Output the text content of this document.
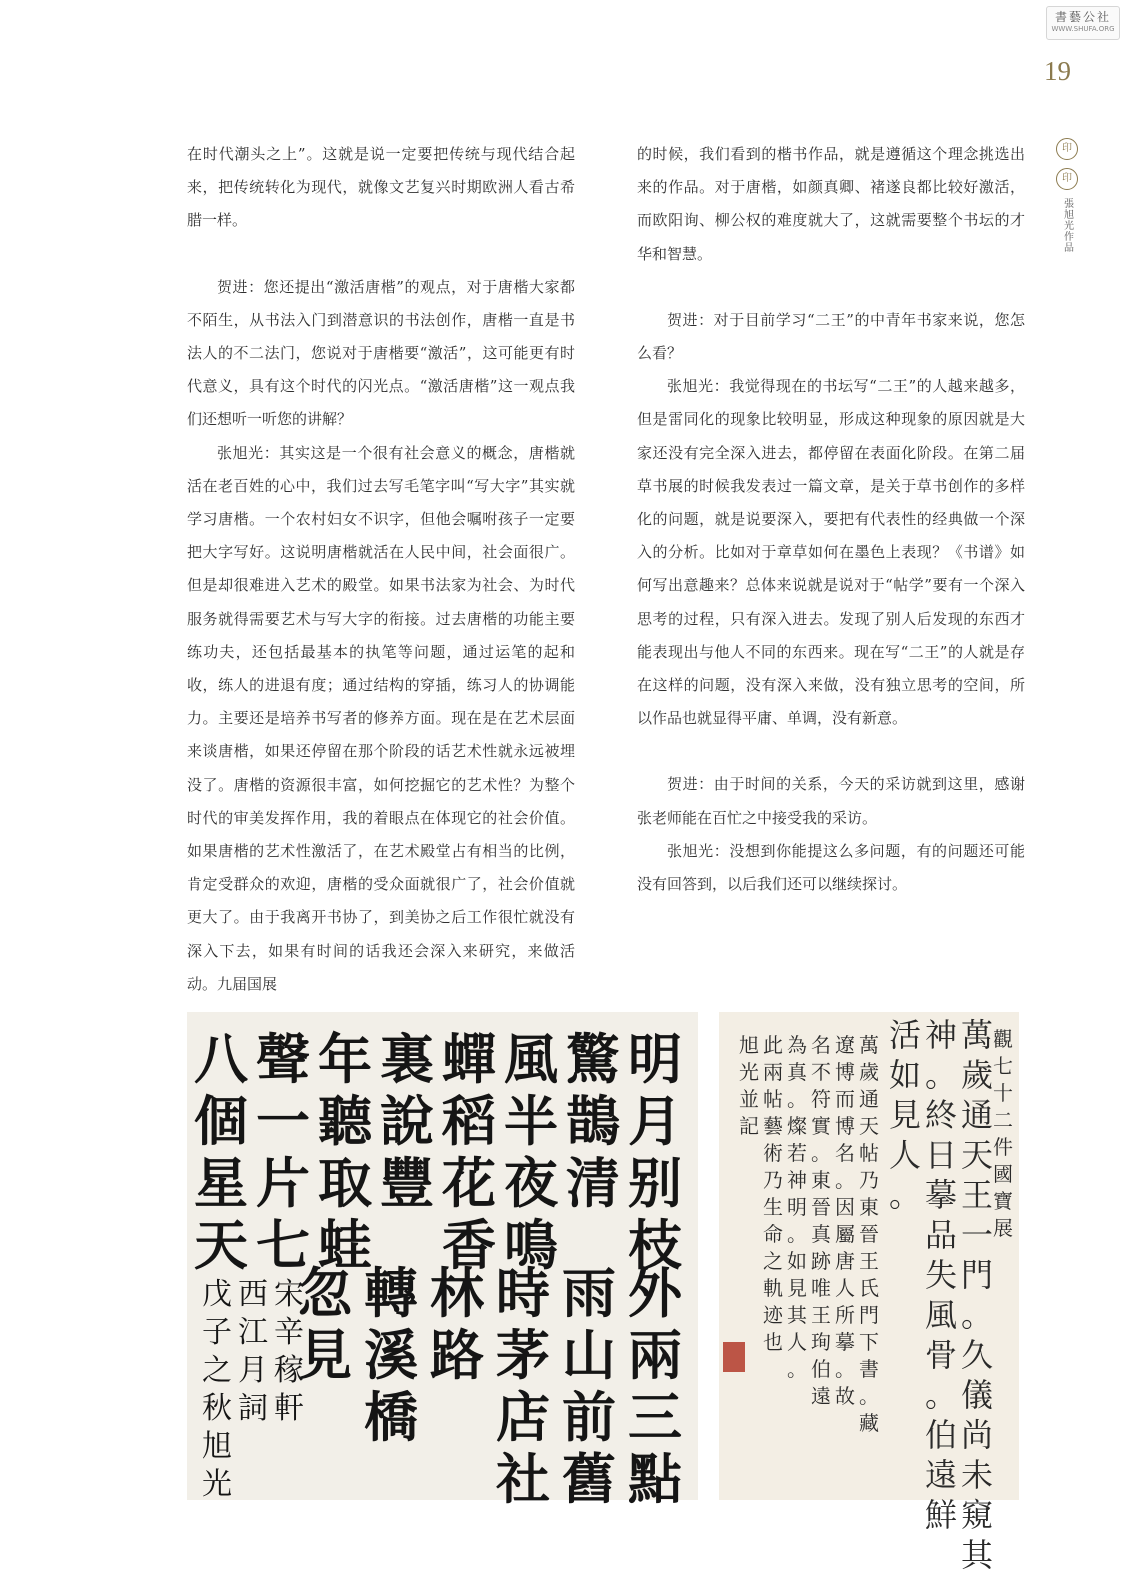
書藝公社
WWW.SHUFA.ORG
19
印
印
張旭光作品

在时代潮头之上”。这就是说一定要把传统与现代结合起来，把传统转化为现代，就像文艺复兴时期欧洲人看古希腊一样。

贺进：您还提出“激活唐楷”的观点，对于唐楷大家都不陌生，从书法入门到潜意识的书法创作，唐楷一直是书法人的不二法门，您说对于唐楷要“激活”，这可能更有时代意义，具有这个时代的闪光点。“激活唐楷”这一观点我们还想听一听您的讲解？

张旭光：其实这是一个很有社会意义的概念，唐楷就活在老百姓的心中，我们过去写毛笔字叫“写大字”其实就学习唐楷。一个农村妇女不识字，但他会嘱咐孩子一定要把大字写好。这说明唐楷就活在人民中间，社会面很广。但是却很难进入艺术的殿堂。如果书法家为社会、为时代服务就得需要艺术与写大字的衔接。过去唐楷的功能主要练功夫，还包括最基本的执笔等问题，通过运笔的起和收，练人的进退有度；通过结构的穿插，练习人的协调能力。主要还是培养书写者的修养方面。现在是在艺术层面来谈唐楷，如果还停留在那个阶段的话艺术性就永远被埋没了。唐楷的资源很丰富，如何挖掘它的艺术性？为整个时代的审美发挥作用，我的着眼点在体现它的社会价值。如果唐楷的艺术性激活了，在艺术殿堂占有相当的比例，肯定受群众的欢迎，唐楷的受众面就很广了，社会价值就更大了。由于我离开书协了，到美协之后工作很忙就没有深入下去，如果有时间的话我还会深入来研究，来做活动。九届国展

的时候，我们看到的楷书作品，就是遵循这个理念挑选出来的作品。对于唐楷，如颜真卿、褚遂良都比较好激活，而欧阳询、柳公权的难度就大了，这就需要整个书坛的才华和智慧。

贺进：对于目前学习“二王”的中青年书家来说，您怎么看？

张旭光：我觉得现在的书坛写“二王”的人越来越多，但是雷同化的现象比较明显，形成这种现象的原因就是大家还没有完全深入进去，都停留在表面化阶段。在第二届草书展的时候我发表过一篇文章，是关于草书创作的多样化的问题，就是说要深入，要把有代表性的经典做一个深入的分析。比如对于章草如何在墨色上表现？《书谱》如何写出意趣来？总体来说就是说对于“帖学”要有一个深入思考的过程，只有深入进去。发现了别人后发现的东西才能表现出与他人不同的东西来。现在写“二王”的人就是存在这样的问题，没有深入来做，没有独立思考的空间，所以作品也就显得平庸、单调，没有新意。

贺进：由于时间的关系，今天的采访就到这里，感谢张老师能在百忙之中接受我的采访。

张旭光：没想到你能提这么多问题，有的问题还可能没有回答到，以后我们还可以继续探讨。

明
月
别
枝
驚
鵲
清
風
半
夜
鳴
蟬
稻
花
香
裏
說
豐
年
聽
取
蛙
聲
一
片
七
八
個
星
天
外
兩
三
點
雨
山
前
舊
時
茅
店
社
林
路
轉
溪
橋
忽
見
宋
辛
稼
軒
西
江
月
詞
戊
子
之
秋
旭
光
觀
七
十
二
件
國
寶
展
萬
歲
通
天
王
一
門
。
久
儀
尚
未
窺
其
神
。
終
日
摹
品
失
風
骨
。
伯
遠
鮮
活
如
見
人
。
萬
歲
通
天
帖
乃
東
晉
王
氏
門
下
書
。
藏
遼
博
而
博
名
。
因
屬
唐
人
所
摹
。
故
名
不
符
實
。
東
晉
真
跡
唯
王
珣
伯
遠
為
真
。
燦
若
神
明
。
如
見
其
人
。
此
兩
帖
藝
術
乃
生
命
之
軌
迹
也
旭
光
並
記
